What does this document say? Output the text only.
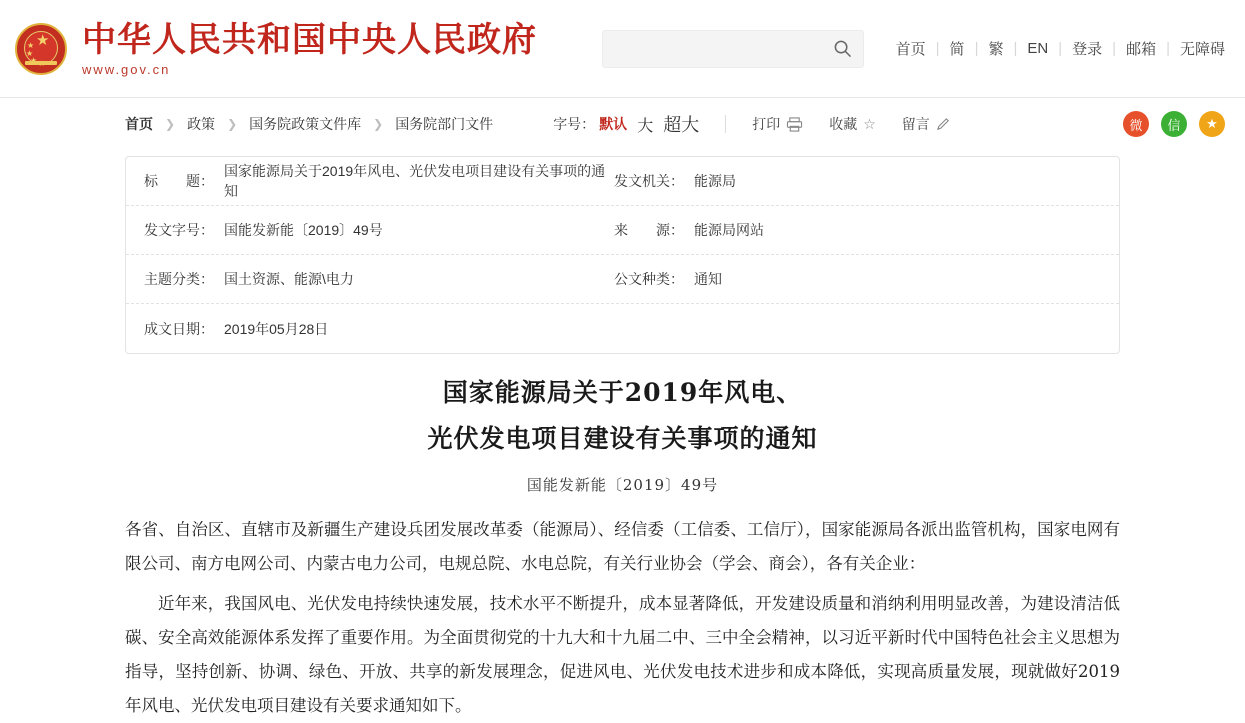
★
★
★ 中华人民共和国中央人民政府
www.gov.cn
首页 | 简 | 繁 | EN | 登录 | 邮箱 | 无障碍
首页 ❯ 政策 ❯ 国务院政策文件库 ❯ 国务院部门文件	字号： 默认 大 超大	打印	收藏 ☆ 留言	微	信	★
标　　题：
国家能源局关于2019年风电、光伏发电项目建设有关事项的通知
发文机关： 能源局
发文字号： 国能发新能〔2019〕49号	来　　源： 能源局网站
主题分类： 国土资源、能源\电力	公文种类： 通知
成文日期： 2019年05月28日
国家能源局关于2019年风电、
光伏发电项目建设有关事项的通知
国能发新能〔2019〕49号

各省、自治区、直辖市及新疆生产建设兵团发展改革委（能源局）、经信委（工信委、工信厅），国家能源局各派出监管机构，国家电网有限公司、南方电网公司、内蒙古电力公司，电规总院、水电总院，有关行业协会（学会、商会），各有关企业：

近年来，我国风电、光伏发电持续快速发展，技术水平不断提升，成本显著降低，开发建设质量和消纳利用明显改善，为建设清洁低碳、安全高效能源体系发挥了重要作用。为全面贯彻党的十九大和十九届二中、三中全会精神，以习近平新时代中国特色社会主义思想为指导，坚持创新、协调、绿色、开放、共享的新发展理念，促进风电、光伏发电技术进步和成本降低，实现高质量发展，现就做好2019年风电、光伏发电项目建设有关要求通知如下。
